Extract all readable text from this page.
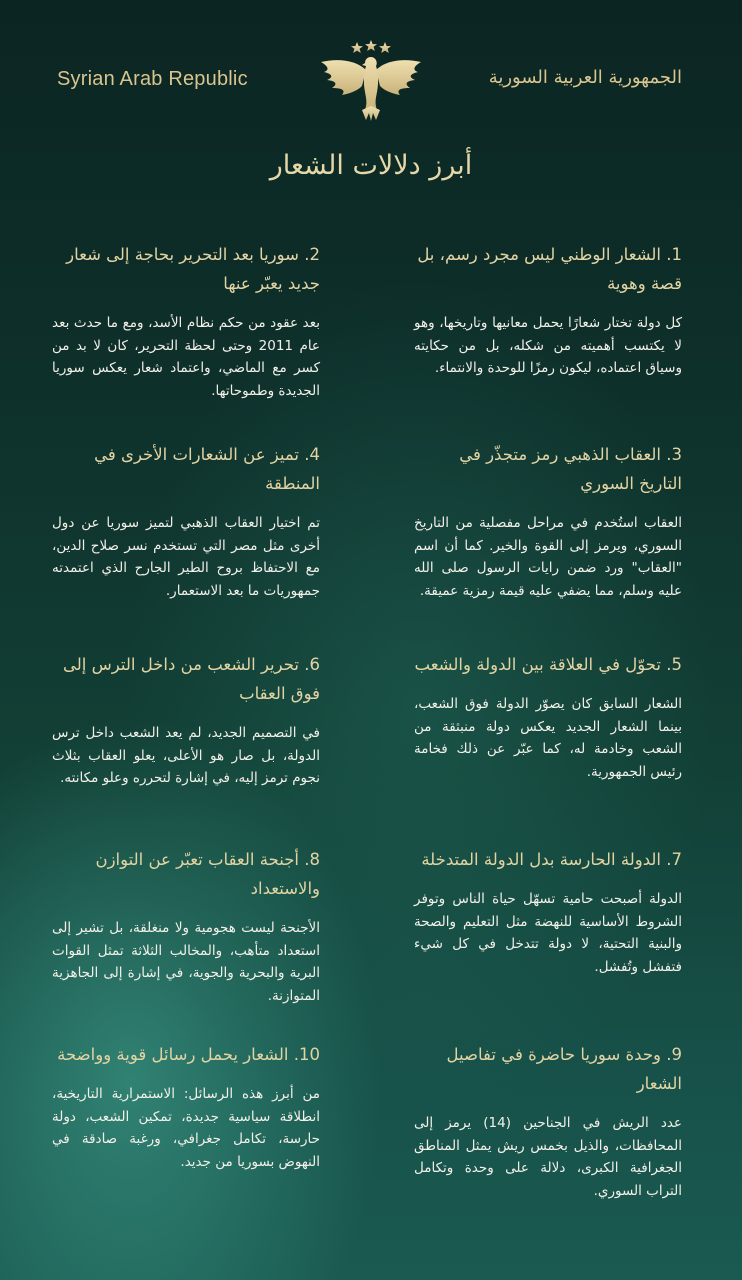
Syrian Arab Republic	الجمهورية العربية السورية
أبرز دلالات الشعار
1. الشعار الوطني ليس مجرد رسم، بل قصة وهوية
كل دولة تختار شعارًا يحمل معانيها وتاريخها، وهو لا يكتسب أهميته من شكله، بل من حكايته وسياق اعتماده، ليكون رمزًا للوحدة والانتماء.
2. سوريا بعد التحرير بحاجة إلى شعار جديد يعبّر عنها
بعد عقود من حكم نظام الأسد، ومع ما حدث بعد عام 2011 وحتى لحظة التحرير، كان لا بد من كسر مع الماضي، واعتماد شعار يعكس سوريا الجديدة وطموحاتها.
3. العقاب الذهبي رمز متجذّر في التاريخ السوري
العقاب استُخدم في مراحل مفصلية من التاريخ السوري، ويرمز إلى القوة والخير. كما أن اسم "العقاب" ورد ضمن رايات الرسول صلى الله عليه وسلم، مما يضفي عليه قيمة رمزية عميقة.
4. تميز عن الشعارات الأخرى في المنطقة
تم اختيار العقاب الذهبي لتميز سوريا عن دول أخرى مثل مصر التي تستخدم نسر صلاح الدين، مع الاحتفاظ بروح الطير الجارح الذي اعتمدته جمهوريات ما بعد الاستعمار.
5. تحوّل في العلاقة بين الدولة والشعب
الشعار السابق كان يصوّر الدولة فوق الشعب، بينما الشعار الجديد يعكس دولة منبثقة من الشعب وخادمة له، كما عبّر عن ذلك فخامة رئيس الجمهورية.
6. تحرير الشعب من داخل الترس إلى فوق العقاب
في التصميم الجديد، لم يعد الشعب داخل ترس الدولة، بل صار هو الأعلى، يعلو العقاب بثلاث نجوم ترمز إليه، في إشارة لتحرره وعلو مكانته.
7. الدولة الحارسة بدل الدولة المتدخلة
الدولة أصبحت حامية تسهّل حياة الناس وتوفر الشروط الأساسية للنهضة مثل التعليم والصحة والبنية التحتية، لا دولة تتدخل في كل شيء فتفشل وتُفشل.
8. أجنحة العقاب تعبّر عن التوازن والاستعداد
الأجنحة ليست هجومية ولا منغلقة، بل تشير إلى استعداد متأهب، والمخالب الثلاثة تمثل القوات البرية والبحرية والجوية، في إشارة إلى الجاهزية المتوازنة.
9. وحدة سوريا حاضرة في تفاصيل الشعار
عدد الريش في الجناحين (14) يرمز إلى المحافظات، والذيل بخمس ريش يمثل المناطق الجغرافية الكبرى، دلالة على وحدة وتكامل التراب السوري.
10. الشعار يحمل رسائل قوية وواضحة
من أبرز هذه الرسائل: الاستمرارية التاريخية، انطلاقة سياسية جديدة، تمكين الشعب، دولة حارسة، تكامل جغرافي، ورغبة صادقة في النهوض بسوريا من جديد.
